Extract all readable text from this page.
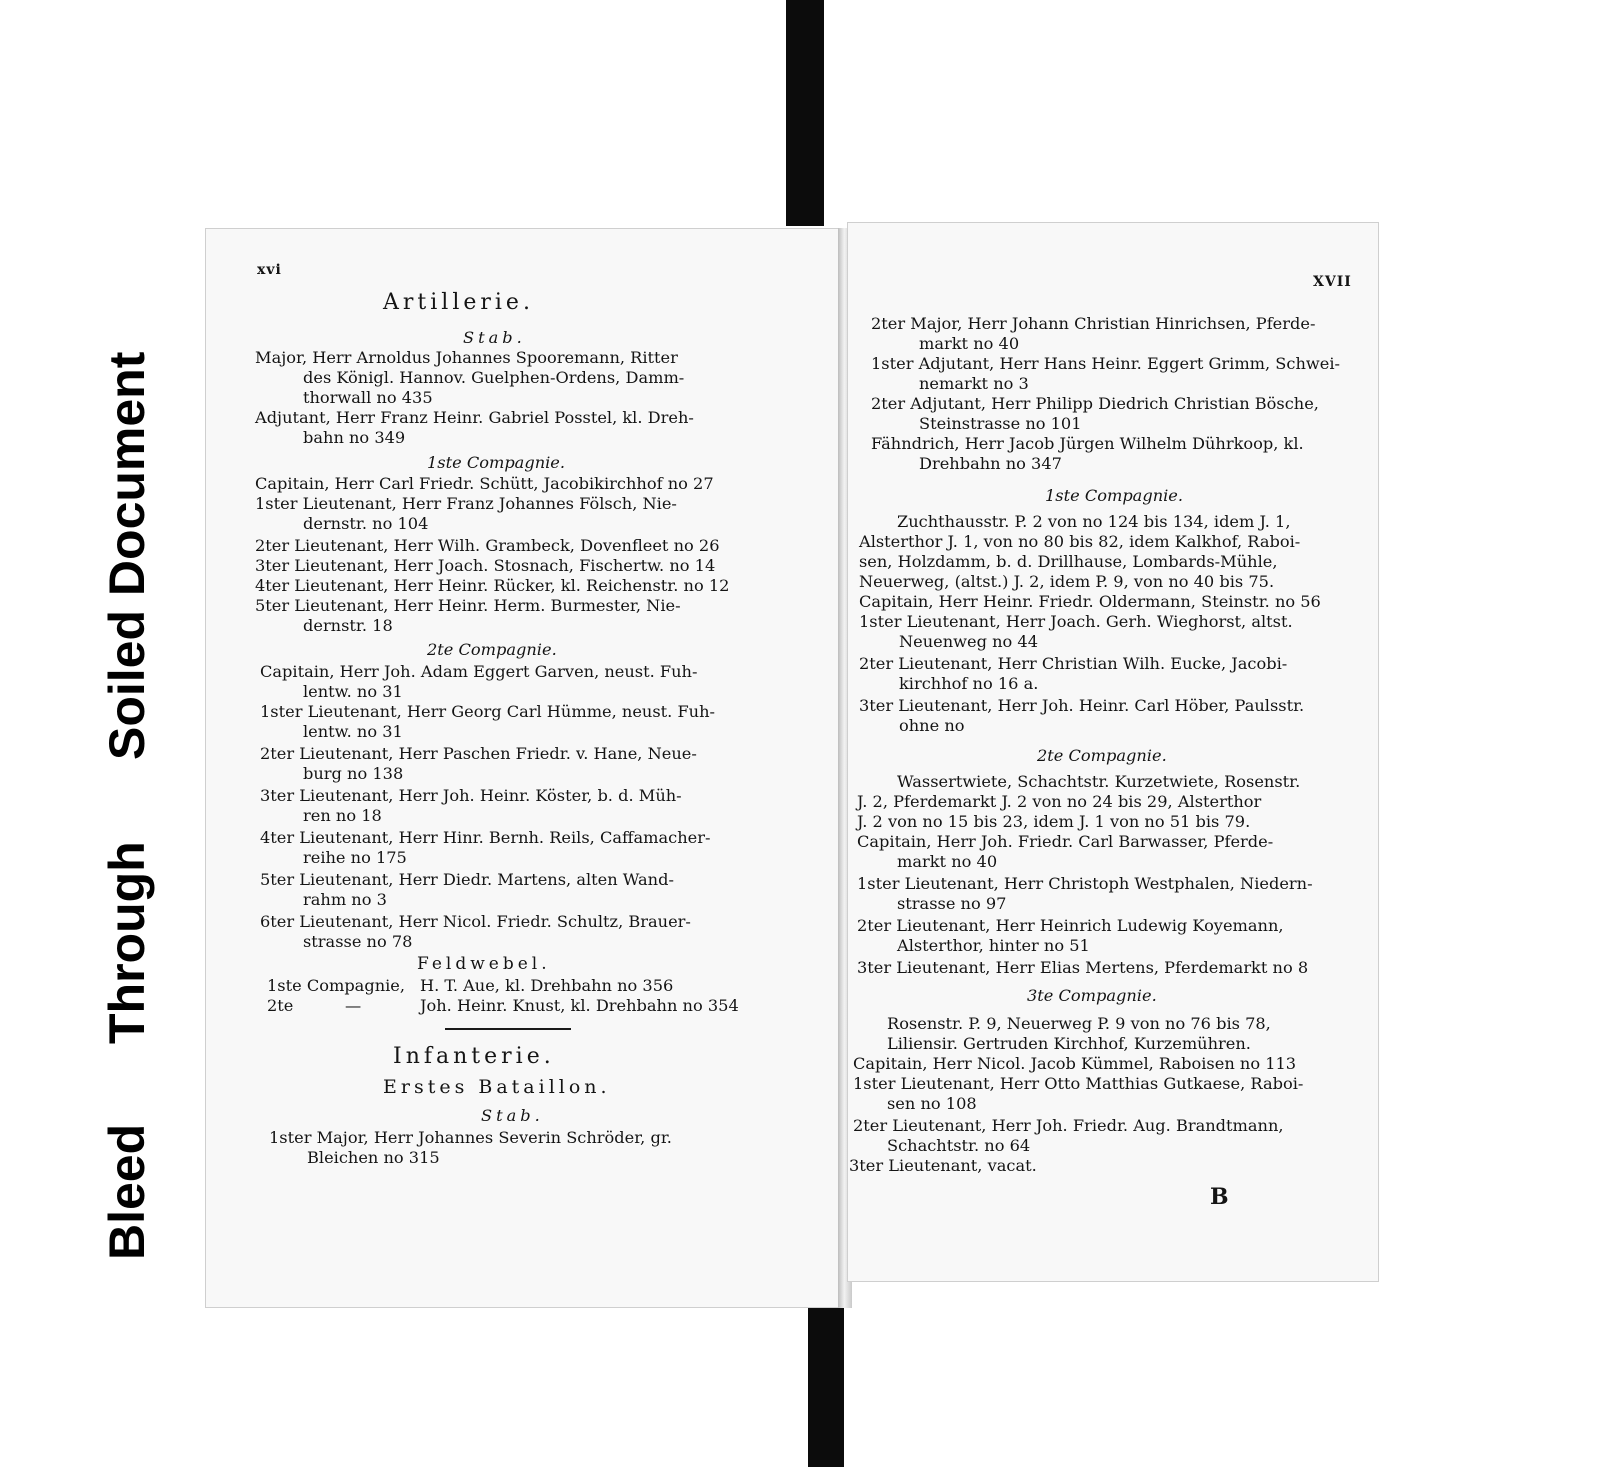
Bleed
Through
Soiled Document
xvi
Artillerie.
Stab.
Major, Herr Arnoldus Johannes Spooremann, Ritter
des Königl. Hannov. Guelphen-Ordens, Damm-
thorwall no 435
Adjutant, Herr Franz Heinr. Gabriel Posstel, kl. Dreh-
bahn no 349
1ste Compagnie.
Capitain, Herr Carl Friedr. Schütt, Jacobikirchhof no 27
1ster Lieutenant, Herr Franz Johannes Fölsch, Nie-
dernstr. no 104
2ter Lieutenant, Herr Wilh. Grambeck, Dovenfleet no 26
3ter Lieutenant, Herr Joach. Stosnach, Fischertw. no 14
4ter Lieutenant, Herr Heinr. Rücker, kl. Reichenstr. no 12
5ter Lieutenant, Herr Heinr. Herm. Burmester, Nie-
dernstr. 18
2te Compagnie.
Capitain, Herr Joh. Adam Eggert Garven, neust. Fuh-
lentw. no 31
1ster Lieutenant, Herr Georg Carl Hümme, neust. Fuh-
lentw. no 31
2ter Lieutenant, Herr Paschen Friedr. v. Hane, Neue-
burg no 138
3ter Lieutenant, Herr Joh. Heinr. Köster, b. d. Müh-
ren no 18
4ter Lieutenant, Herr Hinr. Bernh. Reils, Caffamacher-
reihe no 175
5ter Lieutenant, Herr Diedr. Martens, alten Wand-
rahm no 3
6ter Lieutenant, Herr Nicol. Friedr. Schultz, Brauer-
strasse no 78
Feldwebel.
1ste Compagnie, H. T. Aue, kl. Drehbahn no 356
2te	—	Joh. Heinr. Knust, kl. Drehbahn no 354
Infanterie.
Erstes Bataillon.
Stab.
1ster Major, Herr Johannes Severin Schröder, gr.
Bleichen no 315
XVII
2ter Major, Herr Johann Christian Hinrichsen, Pferde-
markt no 40
1ster Adjutant, Herr Hans Heinr. Eggert Grimm, Schwei-
nemarkt no 3
2ter Adjutant, Herr Philipp Diedrich Christian Bösche,
Steinstrasse no 101
Fähndrich, Herr Jacob Jürgen Wilhelm Dührkoop, kl.
Drehbahn no 347
1ste Compagnie.
Zuchthausstr. P. 2 von no 124 bis 134, idem J. 1,
Alsterthor J. 1, von no 80 bis 82, idem Kalkhof, Raboi-
sen, Holzdamm, b. d. Drillhause, Lombards-Mühle,
Neuerweg, (altst.) J. 2, idem P. 9, von no 40 bis 75.
Capitain, Herr Heinr. Friedr. Oldermann, Steinstr. no 56
1ster Lieutenant, Herr Joach. Gerh. Wieghorst, altst.
Neuenweg no 44
2ter Lieutenant, Herr Christian Wilh. Eucke, Jacobi-
kirchhof no 16 a.
3ter Lieutenant, Herr Joh. Heinr. Carl Höber, Paulsstr.
ohne no
2te Compagnie.
Wassertwiete, Schachtstr. Kurzetwiete, Rosenstr.
J. 2, Pferdemarkt J. 2 von no 24 bis 29, Alsterthor
J. 2 von no 15 bis 23, idem J. 1 von no 51 bis 79.
Capitain, Herr Joh. Friedr. Carl Barwasser, Pferde-
markt no 40
1ster Lieutenant, Herr Christoph Westphalen, Niedern-
strasse no 97
2ter Lieutenant, Herr Heinrich Ludewig Koyemann,
Alsterthor, hinter no 51
3ter Lieutenant, Herr Elias Mertens, Pferdemarkt no 8
3te Compagnie.
Rosenstr. P. 9, Neuerweg P. 9 von no 76 bis 78,
Liliensir. Gertruden Kirchhof, Kurzemühren.
Capitain, Herr Nicol. Jacob Kümmel, Raboisen no 113
1ster Lieutenant, Herr Otto Matthias Gutkaese, Raboi-
sen no 108
2ter Lieutenant, Herr Joh. Friedr. Aug. Brandtmann,
Schachtstr. no 64
3ter Lieutenant, vacat.
B
